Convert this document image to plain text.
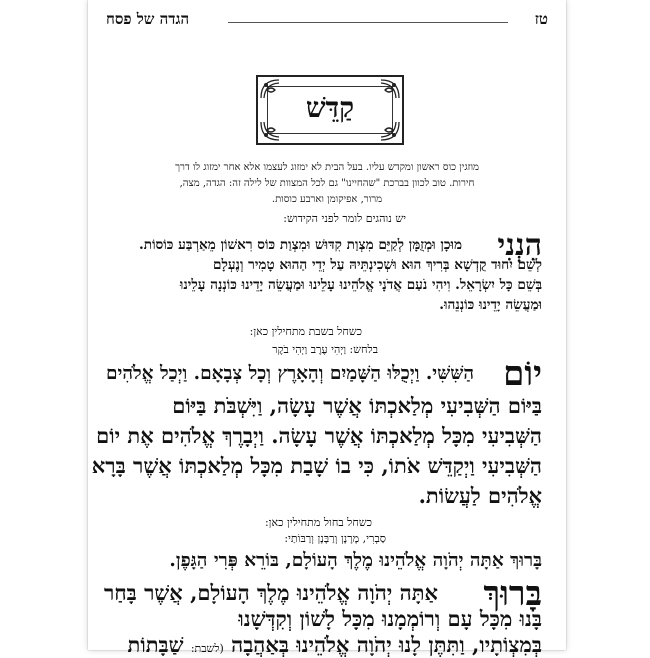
טז
הגדה של פסח
קַדֵּשׁ
מוזגין כוס ראשון ומקדש עליו. בעל הבית לא ימזוג לעצמו אלא אחר ימזוג לו דרך
חירות. טוב לכוון בברכת "שהחיינו" גם לכל המצוות של לילה זה: הגדה, מצה,
מרור, אפיקומן וארבע כוסות.
יש נוהגים לומר לפני הקידוש:
הִנְנִי
מוּכָן וּמְזֻמָּן לְקַיֵּם מִצְוַת קִדּוּשׁ וּמִצְוַת כּוֹס רִאשׁוֹן מֵאַרְבַּע כּוֹסוֹת.
לְשֵׁם יִחוּד קֻדְשָׁא בְּרִיךְ הוּא וּשְׁכִינְתֵּיהּ עַל יְדֵי הַהוּא טָמִיר וְנֶעְלָם
בְּשֵׁם כָּל יִשְׂרָאֵל. וִיהִי נֹעַם אֲדֹנָי אֱלֹהֵינוּ עָלֵינוּ וּמַעֲשֵׂה יָדֵינוּ כּוֹנְנָה עָלֵינוּ
וּמַעֲשֵׂה יָדֵינוּ כּוֹנְנֵהוּ.
כשחל בשבת מתחילין כאן:
בלחש: וַיְהִי עֶרֶב וַיְהִי בֹקֶר
יוֹם
הַשִּׁשִּׁי. וַיְכֻלּוּ הַשָּׁמַיִם וְהָאָרֶץ וְכָל צְבָאָם. וַיְכַל אֱלֹהִים
בַּיּוֹם הַשְּׁבִיעִי מְלַאכְתּוֹ אֲשֶׁר עָשָׂה, וַיִּשְׁבֹּת בַּיּוֹם
הַשְּׁבִיעִי מִכָּל מְלַאכְתּוֹ אֲשֶׁר עָשָׂה. וַיְבָרֶךְ אֱלֹהִים אֶת יוֹם
הַשְּׁבִיעִי וַיְקַדֵּשׁ אֹתוֹ, כִּי בוֹ שָׁבַת מִכָּל מְלַאכְתּוֹ אֲשֶׁר בָּרָא
אֱלֹהִים לַעֲשׂוֹת.
כשחל בחול מתחילין כאן:
סַבְרִי, מָרָנָן וְרַבָּנָן וְרַבּוֹתַי:
בָּרוּךְ אַתָּה יְהֹוָה אֱלֹהֵינוּ מֶלֶךְ הָעוֹלָם, בּוֹרֵא פְּרִי הַגָּפֶן.
בָּרוּךְ
אַתָּה יְהֹוָה אֱלֹהֵינוּ מֶלֶךְ הָעוֹלָם, אֲשֶׁר בָּחַר
בָּנוּ מִכָּל עָם וְרוֹמְמָנוּ מִכָּל לָשׁוֹן וְקִדְּשָׁנוּ
בְּמִצְוֹתָיו, וַתִּתֶּן לָנוּ יְהֹוָה אֱלֹהֵינוּ בְּאַהֲבָה (לשבת: שַׁבָּתוֹת
